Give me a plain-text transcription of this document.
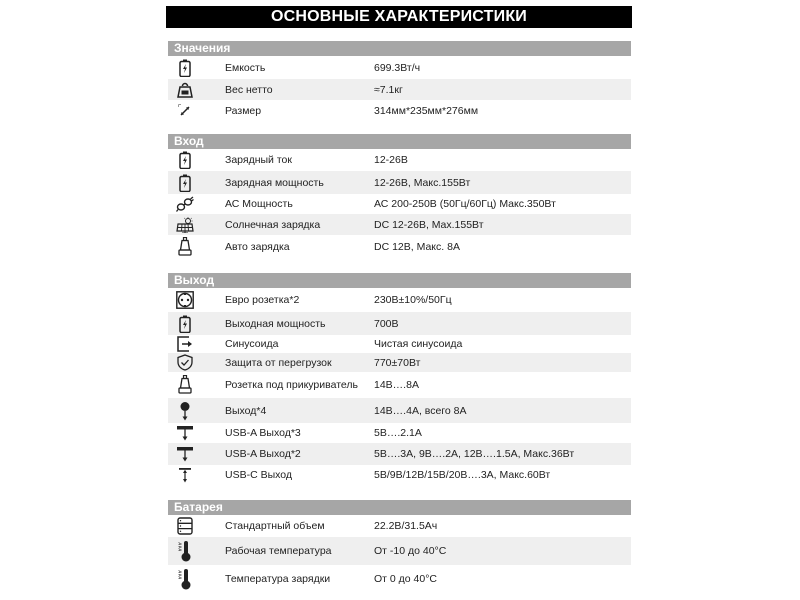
ОСНОВНЫЕ ХАРАКТЕРИСТИКИ
Значения
Емкость	699.3Вт/ч
Вес нетто	≈7.1кг
Размер	314мм*235мм*276мм
Вход
Зарядный ток	12-26В
Зарядная мощность	12-26В, Макс.155Вт
АС Мощность	АС 200-250В (50Гц/60Гц) Макс.350Вт
Солнечная зарядка	DC 12-26В, Max.155Вт
Авто зарядка	DC 12В, Макс. 8А
Выход
Евро розетка*2	230В±10%/50Гц
Выходная мощность	700В
Синусоида	Чистая синусоида
Защита от перегрузок	770±70Вт
Розетка под прикуриватель 14В….8А
Выход*4	14В….4А, всего 8А
USB-A Выход*3	5В….2.1А
USB-A Выход*2	5В….3А, 9В….2А, 12В….1.5А, Макс.36Вт
USB-C Выход	5В/9В/12В/15В/20В….3А, Макс.60Вт
Батарея
Стандартный объем	22.2В/31.5Ач
Рабочая температура	От -10 до 40°C
Температура зарядки	От 0 до 40°C
